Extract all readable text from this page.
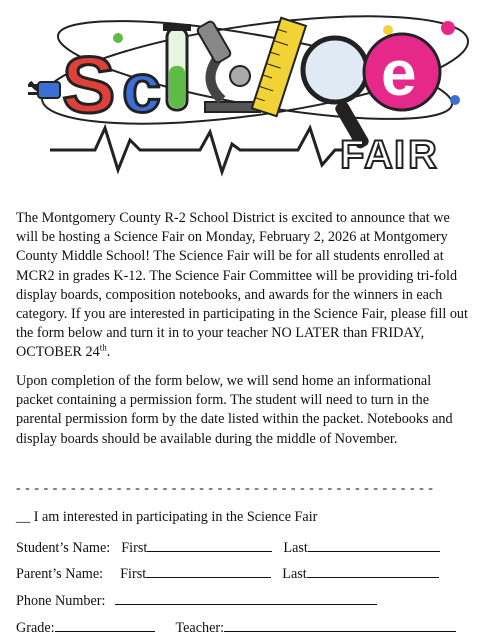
S c	e
F A I R

The Montgomery County R-2 School District is excited to announce that we will be hosting a Science Fair on Monday, February 2, 2026 at Montgomery County Middle School! The Science Fair will be for all students enrolled at MCR2 in grades K-12. The Science Fair Committee will be providing tri-fold display boards, composition notebooks, and awards for the winners in each category. If you are interested in participating in the Science Fair, please fill out the form below and turn it in to your teacher NO LATER than FRIDAY, OCTOBER 24th.

Upon completion of the form below, we will send home an informational packet containing a permission form. The student will need to turn in the parental permission form by the date listed within the packet. Notebooks and display boards should be available during the middle of November.

- - - - - - - - - - - - - - - - - - - - - - - - - - - - - - - - - - - - - - - - - - - - - -
__ I am interested in participating in the Science Fair
Student’s Name: First	Last
Parent’s Name: First	Last
Phone Number:
Grade:	Teacher:
